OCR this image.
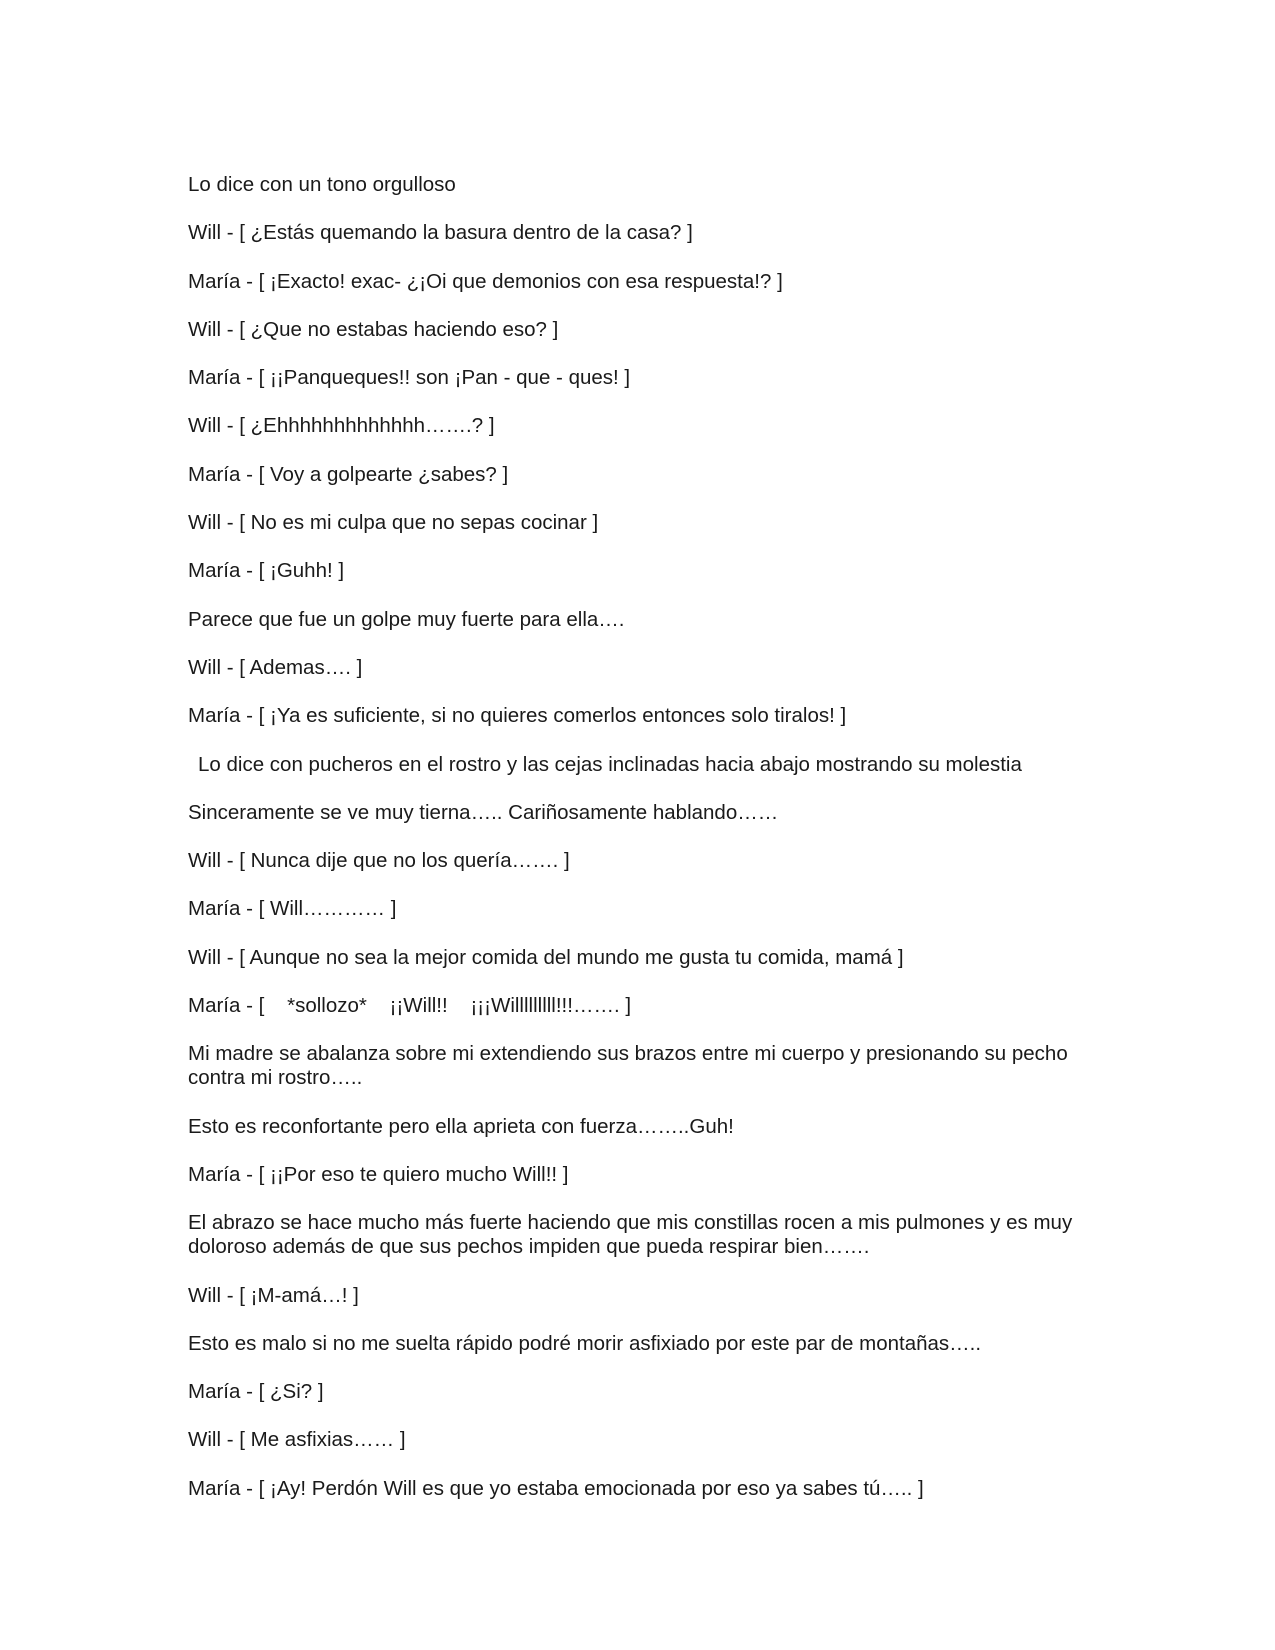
Lo dice con un tono orgulloso

Will - [ ¿Estás quemando la basura dentro de la casa? ]

María - [ ¡Exacto! exac- ¿¡Oi que demonios con esa respuesta!? ]

Will - [ ¿Que no estabas haciendo eso? ]

María - [ ¡¡Panqueques!! son ¡Pan - que - ques! ]

Will - [ ¿Ehhhhhhhhhhhhh…….? ]

María - [ Voy a golpearte ¿sabes? ]

Will - [ No es mi culpa que no sepas cocinar ]

María - [ ¡Guhh! ]

Parece que fue un golpe muy fuerte para ella….

Will - [ Ademas…. ]

María - [ ¡Ya es suficiente, si no quieres comerlos entonces solo tiralos! ]

Lo dice con pucheros en el rostro y las cejas inclinadas hacia abajo mostrando su molestia

Sinceramente se ve muy tierna….. Cariñosamente hablando……

Will - [ Nunca dije que no los quería……. ]

María - [ Will………… ]

Will - [ Aunque no sea la mejor comida del mundo me gusta tu comida, mamá ]

María - [    *sollozo*    ¡¡Will!!    ¡¡¡Willlllllll!!!……. ]

Mi madre se abalanza sobre mi extendiendo sus brazos entre mi cuerpo y presionando su pecho contra mi rostro…..

Esto es reconfortante pero ella aprieta con fuerza……..Guh!

María - [ ¡¡Por eso te quiero mucho Will!! ]

El abrazo se hace mucho más fuerte haciendo que mis constillas rocen a mis pulmones y es muy doloroso además de que sus pechos impiden que pueda respirar bien…….

Will - [ ¡M-amá…! ]

Esto es malo si no me suelta rápido podré morir asfixiado por este par de montañas…..

María - [ ¿Si? ]

Will - [ Me asfixias…… ]

María - [ ¡Ay! Perdón Will es que yo estaba emocionada por eso ya sabes tú….. ]
